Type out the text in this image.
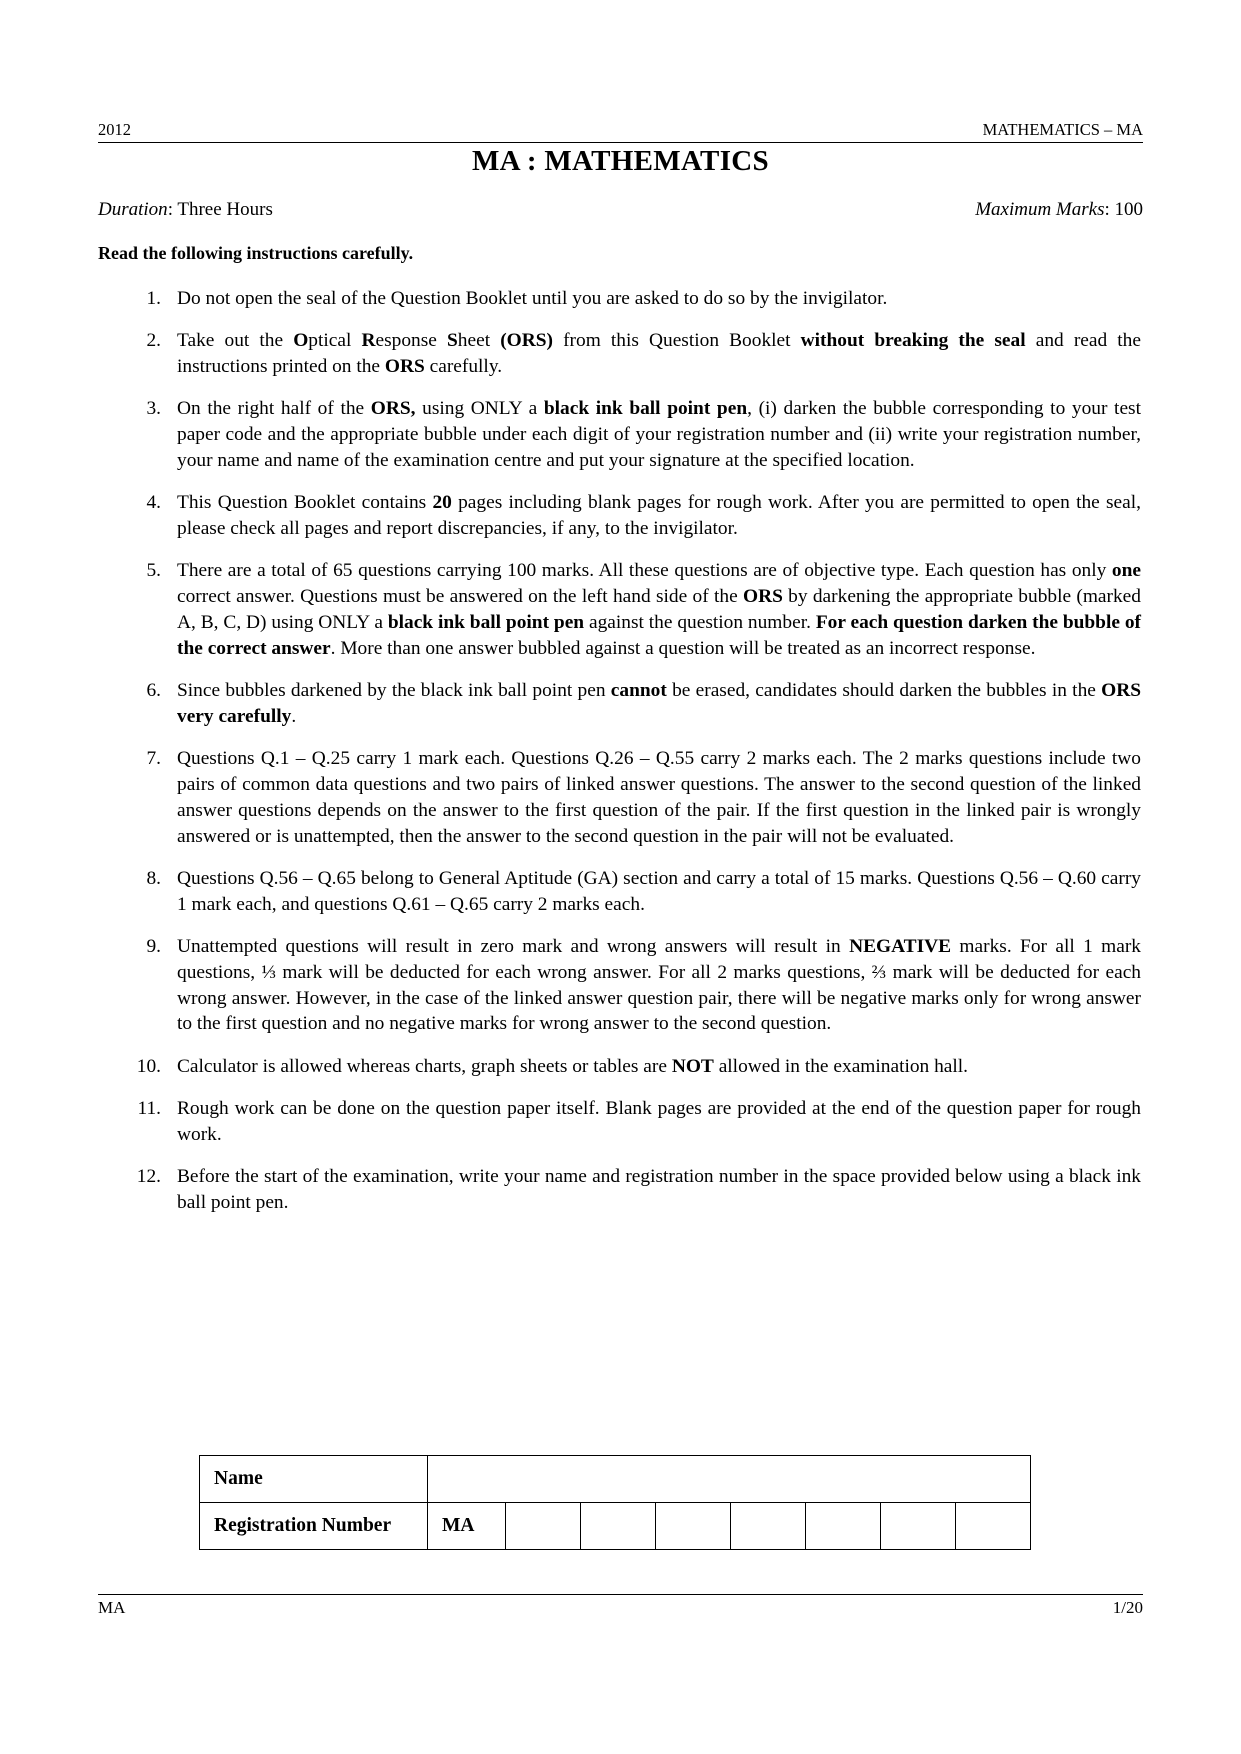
2012	MATHEMATICS – MA
MA : MATHEMATICS
Duration: Three Hours	Maximum Marks: 100
Read the following instructions carefully.
1. Do not open the seal of the Question Booklet until you are asked to do so by the invigilator.
2. Take out the Optical Response Sheet (ORS) from this Question Booklet without breaking the seal and read the instructions printed on the ORS carefully.
3. On the right half of the ORS, using ONLY a black ink ball point pen, (i) darken the bubble corresponding to your test paper code and the appropriate bubble under each digit of your registration number and (ii) write your registration number, your name and name of the examination centre and put your signature at the specified location.
4. This Question Booklet contains 20 pages including blank pages for rough work. After you are permitted to open the seal, please check all pages and report discrepancies, if any, to the invigilator.
5. There are a total of 65 questions carrying 100 marks. All these questions are of objective type. Each question has only one correct answer. Questions must be answered on the left hand side of the ORS by darkening the appropriate bubble (marked A, B, C, D) using ONLY a black ink ball point pen against the question number. For each question darken the bubble of the correct answer. More than one answer bubbled against a question will be treated as an incorrect response.
6. Since bubbles darkened by the black ink ball point pen cannot be erased, candidates should darken the bubbles in the ORS very carefully.
7. Questions Q.1 – Q.25 carry 1 mark each. Questions Q.26 – Q.55 carry 2 marks each. The 2 marks questions include two pairs of common data questions and two pairs of linked answer questions. The answer to the second question of the linked answer questions depends on the answer to the first question of the pair. If the first question in the linked pair is wrongly answered or is unattempted, then the answer to the second question in the pair will not be evaluated.
8. Questions Q.56 – Q.65 belong to General Aptitude (GA) section and carry a total of 15 marks. Questions Q.56 – Q.60 carry 1 mark each, and questions Q.61 – Q.65 carry 2 marks each.
9. Unattempted questions will result in zero mark and wrong answers will result in NEGATIVE marks. For all 1 mark questions, ⅓ mark will be deducted for each wrong answer. For all 2 marks questions, ⅔ mark will be deducted for each wrong answer. However, in the case of the linked answer question pair, there will be negative marks only for wrong answer to the first question and no negative marks for wrong answer to the second question.
10. Calculator is allowed whereas charts, graph sheets or tables are NOT allowed in the examination hall.
11. Rough work can be done on the question paper itself. Blank pages are provided at the end of the question paper for rough work.
12. Before the start of the examination, write your name and registration number in the space provided below using a black ink ball point pen.
Name								
Registration Number	MA							
MA	1/20
